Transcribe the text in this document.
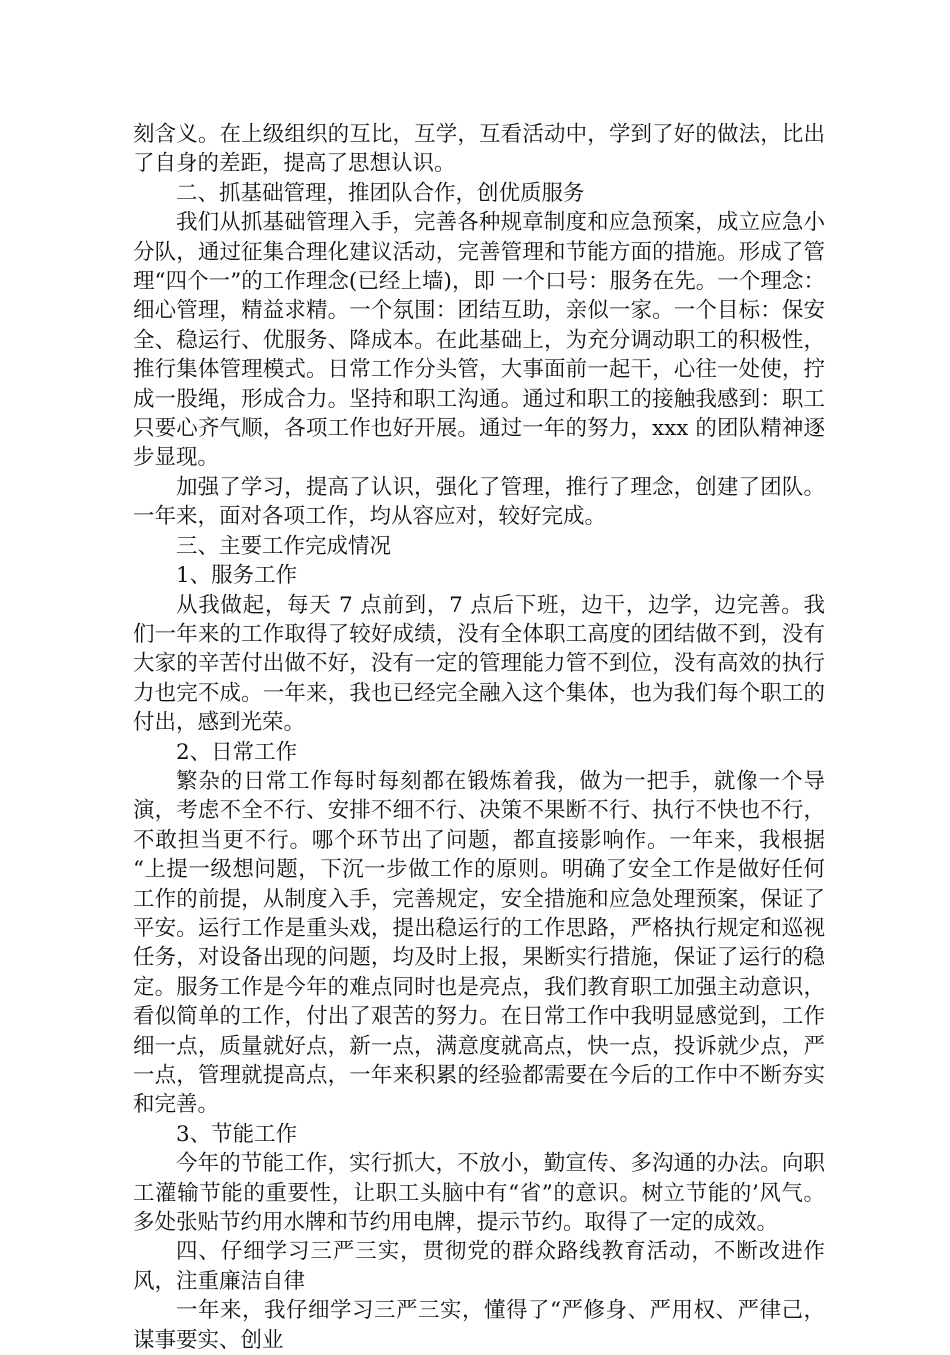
刻含义。在上级组织的互比，互学，互看活动中，学到了好的做法，比出了自身的差距，提高了思想认识。

二、抓基础管理，推团队合作，创优质服务

我们从抓基础管理入手，完善各种规章制度和应急预案，成立应急小分队，通过征集合理化建议活动，完善管理和节能方面的措施。形成了管理“四个一”的工作理念(已经上墙)，即 一个口号：服务在先。一个理念：细心管理，精益求精。一个氛围：团结互助，亲似一家。一个目标：保安全、稳运行、优服务、降成本。在此基础上，为充分调动职工的积极性，推行集体管理模式。日常工作分头管，大事面前一起干，心往一处使，拧成一股绳，形成合力。坚持和职工沟通。通过和职工的接触我感到：职工只要心齐气顺，各项工作也好开展。通过一年的努力，xxx 的团队精神逐步显现。

加强了学习，提高了认识，强化了管理，推行了理念，创建了团队。一年来，面对各项工作，均从容应对，较好完成。

三、主要工作完成情况

1、服务工作

从我做起，每天 7 点前到，7 点后下班，边干，边学，边完善。我们一年来的工作取得了较好成绩，没有全体职工高度的团结做不到，没有大家的辛苦付出做不好，没有一定的管理能力管不到位，没有高效的执行力也完不成。一年来，我也已经完全融入这个集体，也为我们每个职工的付出，感到光荣。

2、日常工作

繁杂的日常工作每时每刻都在锻炼着我，做为一把手，就像一个导演，考虑不全不行、安排不细不行、决策不果断不行、执行不快也不行，不敢担当更不行。哪个环节出了问题，都直接影响作。一年来，我根据 “上提一级想问题，下沉一步做工作的原则。明确了安全工作是做好任何工作的前提，从制度入手，完善规定，安全措施和应急处理预案，保证了平安。运行工作是重头戏，提出稳运行的工作思路，严格执行规定和巡视任务，对设备出现的问题，均及时上报，果断实行措施，保证了运行的稳定。服务工作是今年的难点同时也是亮点，我们教育职工加强主动意识，看似简单的工作，付出了艰苦的努力。在日常工作中我明显感觉到，工作细一点，质量就好点，新一点，满意度就高点，快一点，投诉就少点，严一点，管理就提高点，一年来积累的经验都需要在今后的工作中不断夯实和完善。

3、节能工作

今年的节能工作，实行抓大，不放小，勤宣传、多沟通的办法。向职工灌输节能的重要性，让职工头脑中有“省”的意识。树立节能的’风气。多处张贴节约用水牌和节约用电牌，提示节约。取得了一定的成效。

四、仔细学习三严三实，贯彻党的群众路线教育活动，不断改进作风，注重廉洁自律

一年来，我仔细学习三严三实，懂得了“严修身、严用权、严律己，谋事要实、创业
